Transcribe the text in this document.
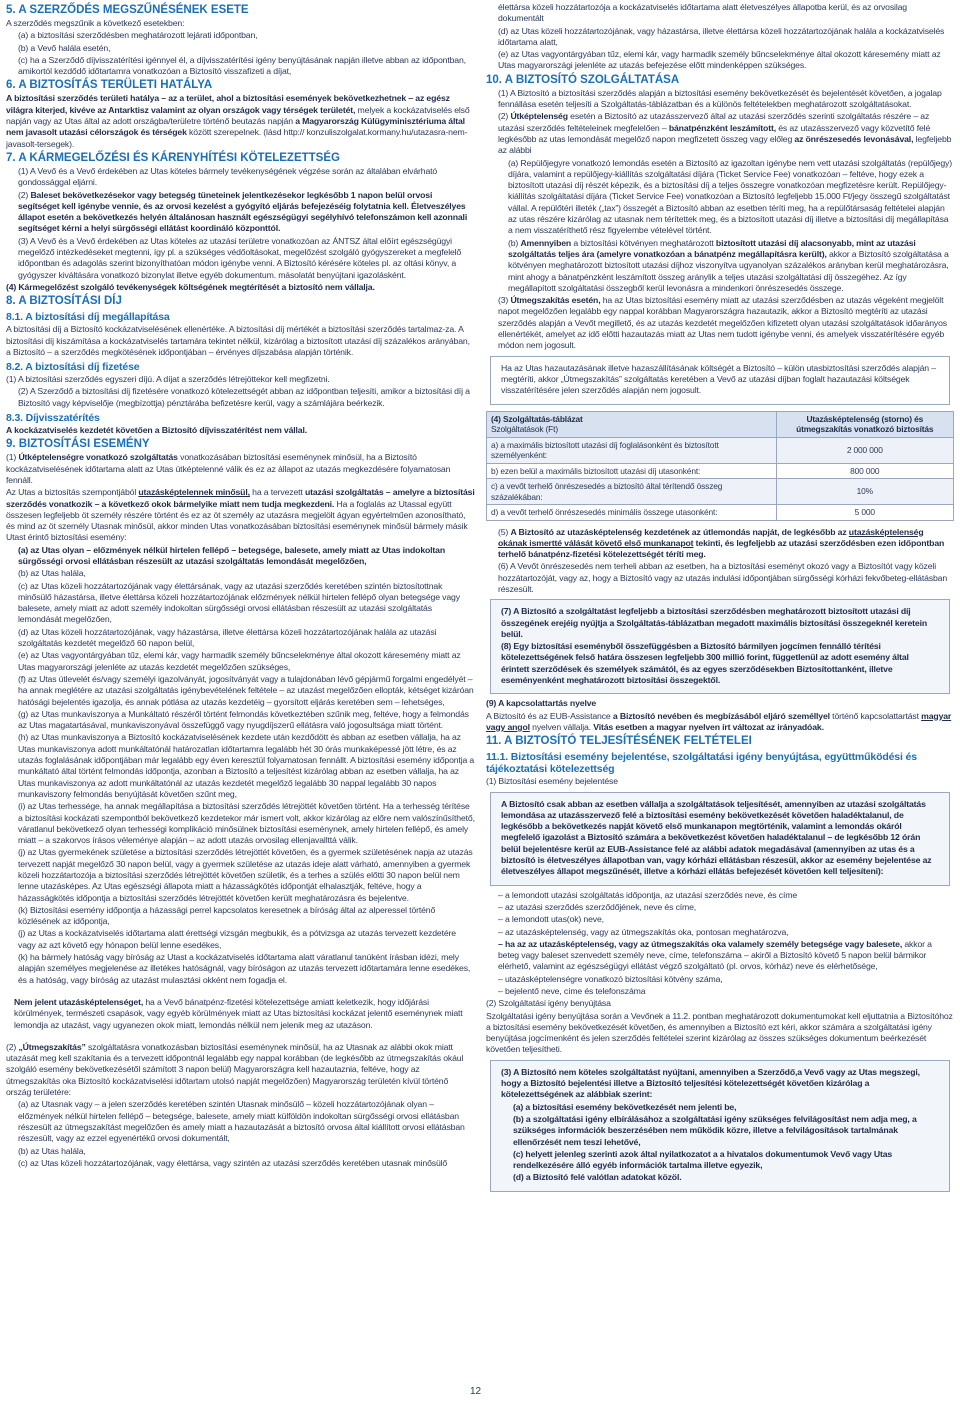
5. A SZERZŐDÉS MEGSZŰNÉSÉNEK ESETE

A szerződés megszűnik a következő esetekben:

(a) a biztosítási szerződésben meghatározott lejárati időpontban,

(b) a Vevő halála esetén,

(c) ha a Szerződő díjvisszatérítési igénnyel él, a díjvisszatérítési igény benyújtásának napján illetve abban az időpontban, amikortól kezdődő időtartamra vonatkozóan a Biztosító visszafizeti a díjat,

6. A BIZTOSÍTÁS TERÜLETI HATÁLYA

A biztosítási szerződés területi hatálya – az a terület, ahol a biztosítási események bekövetkezhetnek – az egész világra kiterjed, kivéve az Antarktisz valamint az olyan országok vagy térségek területét, melyek a kockázatviselés első napján vagy az Utas által az adott országba/területre történő beutazás napján a Magyarország Külügyminisztériuma által nem javasolt utazási célországok és térségek között szerepelnek. (lásd http:// konzuliszolgalat.kormany.hu/utazasra-nem-javasolt-tersegek).

7. A KÁRMEGELŐZÉSI ÉS KÁRENYHÍTÉSI KÖTELEZETTSÉG

(1) A Vevő és a Vevő érdekében az Utas köteles bármely tevékenységének végzése során az általában elvárható gondossággal eljárni.

(2) Baleset bekövetkezésekor vagy betegség tüneteinek jelentkezésekor legkésőbb 1 napon belül orvosi segítséget kell igénybe vennie, és az orvosi kezelést a gyógyító eljárás befejezéséig folytatnia kell. Életveszélyes állapot esetén a bekövetkezés helyén általánosan használt egészségügyi segélyhívó telefonszámon kell azonnali segítséget kérni a helyi sürgősségi ellátást koordináló központtól.

(3) A Vevő és a Vevő érdekében az Utas köteles az utazási területre vonatkozóan az ÁNTSZ által előírt egészségügyi megelőző intézkedéseket megtenni, így pl. a szükséges védőoltásokat, megelőzést szolgáló gyógyszereket a megfelelő időpontban és adagolás szerint bizonyíthatóan módon igénybe venni. A Biztosító kérésére köteles pl. az oltási könyv, a gyógyszer kiváltására vonatkozó bizonylat illetve egyéb dokumentum. másolatát benyújtani igazolásként.

(4) Kármegelőzést szolgáló tevékenységek költségének megtérítését a biztosító nem vállalja.

8. A BIZTOSÍTÁSI DÍJ
8.1. A biztosítási díj megállapítása

A biztosítási díj a Biztosító kockázatviselésének ellenértéke. A biztosítási díj mértékét a biztosítási szerződés tartalmaz-za. A biztosítási díj kiszámítása a kockázatviselés tartamára tekintet nélkül, kizárólag a biztosított utazási díj százalékos arányában, a Biztosító – a szerződés megkötésének időpontjában – érvényes díjszabása alapján történik.

8.2. A biztosítási díj fizetése

(1) A biztosítási szerződés egyszeri díjú. A díjat a szerződés létrejöttekor kell megfizetni.

(2) A Szerződő a biztosítási díj fizetésére vonatkozó kötelezettségét abban az időpontban teljesíti, amikor a biztosítási díj a Biztosító vagy képviselője (megbízottja) pénztárába befizetésre kerül, vagy a számlájára beérkezik.

8.3. Díjvisszatérítés

A kockázatviselés kezdetét követően a Biztosító díjvisszatérítést nem vállal.

9. BIZTOSÍTÁSI ESEMÉNY

(1) Útképtelenségre vonatkozó szolgáltatás vonatkozásában biztosítási eseménynek minősül, ha a Biztosító kockázatviselésének időtartama alatt az Utas útképtelenné válik és ez az állapot az utazás megkezdésére folyamatosan fennáll.

Az Utas a biztosítás szempontjából utazásképtelennek minősül, ha a tervezett utazási szolgáltatás – amelyre a biztosítási szerződés vonatkozik – a következő okok bármelyike miatt nem tudja megkezdeni. Ha a foglalás az Utassal együtt összesen legfeljebb öt személy részére történt és ez az öt személy az utazásra megjelölt ágyan egyértelműen azonosítható, és mind az öt személy Utasnak minősül, akkor minden Utas vonatkozásában biztosítási eseménynek minősül bármely másik Utast érintő biztosítási esemény:

(a) az Utas olyan – előzmények nélkül hirtelen fellépő – betegsége, balesete, amely miatt az Utas indokoltan sürgősségi orvosi ellátásban részesült az utazási szolgáltatás lemondását megelőzően,

(b) az Utas halála,

(c) az Utas közeli hozzátartozójának vagy élettársának, vagy az utazási szerződés keretében szintén biztosítottnak minősülő házastársa, illetve élettársa közeli hozzátartozójának előzmények nélkül hirtelen fellépő olyan betegsége vagy balesete, amely miatt az adott személy indokoltan sürgősségi orvosi ellátásban részesült az utazási szolgáltatás lemondását megelőzően,

(d) az Utas közeli hozzátartozójának, vagy házastársa, illetve élettársa közeli hozzátartozójának halála az utazási szolgáltatás kezdetét megelőző 60 napon belül,

(e) az Utas vagyontárgyában tűz, elemi kár, vagy harmadik személy bűncselekménye által okozott káresemény miatt az Utas magyarországi jelenléte az utazás kezdetét megelőzően szükséges,

(f) az Utas útlevelét és/vagy személyi igazolványát, jogosítványát vagy a tulajdonában lévő gépjármű forgalmi engedélyét – ha annak meglétére az utazási szolgáltatás igénybevételének feltétele – az utazást megelőzően ellopták, kétséget kizáróan hatósági bejelentés igazolja, és annak pótlása az utazás kezdetéig – gyorsított eljárás keretében sem – lehetséges,

(g) az Utas munkaviszonya a Munkáltató részéről történt felmondás következtében szűnik meg, feltéve, hogy a felmondás az Utas magatartásával, munkaviszonyával összefüggő vagy nyugdíjszerű ellátásra való jogosultsága miatt történt.

(h) az Utas munkaviszonya a Biztosító kockázatviselésének kezdete után kezdődött és abban az esetben vállalja, ha az Utas munkaviszonya adott munkáltatónál határozatlan időtartamra legalább hét 30 órás munkaképessé jött létre, és az utazás foglalásának időpontjában már legalább egy éven keresztül folyamatosan fennállt. A biztosítási esemény időpontja a munkáltató által történt felmondás időpontja, azonban a Biztosító a teljesítést kizárólag abban az esetben vállalja, ha az Utas munkaviszonya az adott munkáltatónál az utazás kezdetét megelőző legalább 30 nappal legalább 30 napos munkaviszony felmondás benyújtását követően szűnt meg,

(i) az Utas terhessége, ha annak megállapítása a biztosítási szerződés létrejöttét követően történt. Ha a terhesség térítése a biztosítási kockázati szempontból bekövetkező kezdetekor már ismert volt, akkor kizárólag az előre nem valószínűsíthető, váratlanul bekövetkező olyan terhességi komplikáció minősülnek biztosítási eseménynek, amely hirtelen fellépő, és amely miatt – a szakorvos írásos véleménye alapján – az adott utazás orvosilag ellenjavallttá válik.

(j) az Utas gyermekének születése a biztosítási szerződés létrejöttét követően, és a gyermek születésének napja az utazás tervezett napját megelőző 30 napon belül, vagy a gyermek születése az utazás ideje alatt várható, amennyiben a gyermek közeli hozzátartozója a biztosítási szerződés létrejöttét követően születik, és a terhes a szülés előtti 30 napon belül nem lenne utazásképes. Az Utas egészségi állapota miatt a házasságkötés időpontját elhalasztják, feltéve, hogy a házasságkötés időpontja a biztosítási szerződés létrejöttét követően került meghatározásra és bejelentve.

(k) Biztosítási esemény időpontja a házassági perrel kapcsolatos keresetnek a bíróság által az alperessel történő közlésének az időpontja,

(j) az Utas a kockázatviselés időtartama alatt érettségi vizsgán megbukik, és a pótvizsga az utazás tervezett kezdetére vagy az azt követő egy hónapon belül lenne esedékes,

(k) ha bármely hatóság vagy bíróság az Utast a kockázatviselés időtartama alatt váratlanul tanúként írásban idézi, mely alapján személyes megjelenése az illetékes hatóságnál, vagy bíróságon az utazás tervezett időtartamára lenne esedékes, és a hatóság, vagy bíróság az utazást mulasztási okként nem fogadja el.

Nem jelent utazásképtelenséget, ha a Vevő bánatpénz-fizetési kötelezettsége amiatt keletkezik, hogy időjárási körülmények, természeti csapások, vagy egyéb körülmények miatt az Utas biztosítási kockázat jelentő eseménynek miatt lemondja az utazást, vagy ugyanezen okok miatt, lemondás nélkül nem jelenik meg az utazáson.

(2) „Útmegszakítás” szolgáltatásra vonatkozásban biztosítási eseménynek minősül, ha az Utasnak az alábbi okok miatt utazását meg kell szakítania és a tervezett időpontnál legalább egy nappal korábban (de legkésőbb az útmegszakítás okául szolgáló esemény bekövetkezésétől számított 3 napon belül) Magyarországra kell hazautaznia, feltéve, hogy az útmegszakítás oka Biztosító kockázatviselési időtartam utolsó napját megelőzően) Magyarország területén kívül történő ország területére:

(a) az Utasnak vagy – a jelen szerződés keretében szintén Utasnak minősülő – közeli hozzátartozójának olyan – előzmények nélkül hirtelen fellépő – betegsége, balesete, amely miatt külföldön indokoltan sürgősségi orvosi ellátásban részesült az útmegszakítást megelőzően és amely miatt a hazautazását a biztosító orvosa által kiállított orvosi ellátásban részesült, vagy az ezzel egyenértékű orvosi dokumentált,

(b) az Utas halála,

(c) az Utas közeli hozzátartozójának, vagy élettársa, vagy szintén az utazási szerződés keretében utasnak minősülő

élettársa közeli hozzátartozója a kockázatviselés időtartama alatt életveszélyes állapotba kerül, és az orvosilag dokumentált

(d) az Utas közeli hozzátartozójának, vagy házastársa, illetve élettársa közeli hozzátartozójának halála a kockázatviselés időtartama alatt,

(e) az Utas vagyontárgyában tűz, elemi kár, vagy harmadik személy bűncselekménye által okozott káresemény miatt az Utas magyarországi jelenléte az utazás befejezése előtt mindenképpen szükséges.

10. A BIZTOSÍTÓ SZOLGÁLTATÁSA

(1) A Biztosító a biztosítási szerződés alapján a biztosítási esemény bekövetkezését és bejelentését követően, a jogalap fennállása esetén teljesíti a Szolgáltatás-táblázatban és a különös feltételekben meghatározott szolgáltatásokat.

(2) Útképtelenség esetén a Biztosító az utazásszervező által az utazási szerződés szerinti szolgáltatás részére – az utazási szerződés feltételeinek megfelelően – bánatpénzként leszámított, és az utazásszervező vagy közvetítő felé legkésőbb az utas lemondását megelőző napon megfizetett összeg vagy előleg az önrészesedés levonásával, legfeljebb az alábbi

(a) Repülőjegyre vonatkozó lemondás esetén a Biztosító az igazoltan igénybe nem vett utazási szolgáltatás (repülőjegy) díjára, valamint a repülőjegy-kiállítás szolgáltatási díjára (Ticket Service Fee) vonatkozóan – feltéve, hogy ezek a biztosított utazási díj részét képezik, és a biztosítási díj a teljes összegre vonatkozóan megfizetésre került. Repülőjegy-kiállítás szolgáltatási díjára (Ticket Service Fee) vonatkozóan a Biztosító legfeljebb 15.000 Ft/jegy összegű szolgáltatást vállal. A repülőtéri illeték („tax”) összegét a Biztosító abban az esetben téríti meg, ha a repülőtársaság feltételei alapján az utas részére kizárólag az utasnak nem térítettek meg, és a biztosított utazási díj illetve a biztosítási díj megállapítása a nem visszatéríthető rész figyelembe vételével történt.

(b) Amennyiben a biztosítási kötvényen meghatározott biztosított utazási díj alacsonyabb, mint az utazási szolgáltatás teljes ára (amelyre vonatkozóan a bánatpénz megállapításra került), akkor a Biztosító szolgáltatása a kötvényen meghatározott biztosított utazási díjhoz viszonyítva ugyanolyan százalékos arányban kerül meghatározásra, mint ahogy a bánatpénzként leszámított összeg aránylik a teljes utazási szolgáltatási díj összegéhez. Az így megállapított szolgáltatási összegből kerül levonásra a mindenkori önrészesedés összege.

(3) Útmegszakítás esetén, ha az Utas biztosítási esemény miatt az utazási szerződésben az utazás végeként megjelölt napot megelőzően legalább egy nappal korábban Magyarországra hazautazik, akkor a Biztosító megtéríti az utazási szerződés alapján a Vevőt megillető, és az utazás kezdetét megelőzően kifizetett olyan utazási szolgáltatások időarányos ellenértékét, amelyet az idő előtti hazautazás miatt az Utas nem tudott igénybe venni, és amelyek visszatérítésére egyéb módon nem jogosult.

Ha az Utas hazautazásának illetve hazaszállításának költségét a Biztosító – külön utasbiztosítási szerződés alapján – megtéríti, akkor „Útmegszakítás” szolgáltatás keretében a Vevő az utazási díjban foglalt hazautazási költségek visszatérítésére jelen szerződés alapján nem jogosult.

(4) Szolgáltatás-táblázat
Szolgáltatások (Ft)	Utazásképtelenség (storno) és útmegszakítás vonatkozó biztosítás
a) a maximális biztosított utazási díj foglalásonként és biztosított személyenként:	2 000 000
b) ezen belül a maximális biztosított utazási díj utasonként:	800 000
c) a vevőt terhelő önrészesedés a biztosító által térítendő összeg százalékában:	10%
d) a vevőt terhelő önrészesedés minimális összege utasonként:	5 000

(5) A Biztosító az utazásképtelenség kezdetének az útlemondás napját, de legkésőbb az utazásképtelenség okának ismertté válását követő első munkanapot tekinti, és legfeljebb az utazási szerződésben ezen időpontban terhelő bánatpénz-fizetési kötelezettségét téríti meg.

(6) A Vevőt önrészesedés nem terheli abban az esetben, ha a biztosítási eseményt okozó vagy a Biztosítót vagy közeli hozzátartozóját, vagy az, hogy a Biztosító vagy az utazás indulási időpontjában sürgősségi kórházi fekvőbeteg-ellátásban részesült.

(7) A Biztosító a szolgáltatást legfeljebb a biztosítási szerződésben meghatározott biztosított utazási díj összegének erejéig nyújtja a Szolgáltatás-táblázatban megadott maximális biztosítási összegeknél keretein belül.

(8) Egy biztosítási eseményből összefüggésben a Biztosító bármilyen jogcímen fennálló térítési kötelezettségének felső határa összesen legfeljebb 300 millió forint, függetlenül az adott esemény által érintett szerződések és személyek számától, és az egyes szerződésekben Biztosítottanként, illetve eseményenként meghatározott biztosítási összegektől.

(9) A kapcsolattartás nyelve

A Biztosító és az EUB-Assistance a Biztosító nevében és megbízásából eljáró személlyel történő kapcsolattartást magyar vagy angol nyelven vállalja. Vitás esetben a magyar nyelven írt változat az irányadóak.

11. A BIZTOSÍTÓ TELJESÍTÉSÉNEK FELTÉTELEI
11.1. Biztosítási esemény bejelentése, szolgáltatási igény benyújtása, együttműködési és tájékoztatási kötelezettség

(1) Biztosítási esemény bejelentése

A Biztosító csak abban az esetben vállalja a szolgáltatások teljesítését, amennyiben az utazási szolgáltatás lemondása az utazásszervező felé a biztosítási esemény bekövetkezését követően haladéktalanul, de legkésőbb a bekövetkezés napját követő első munkanapon megtörténik, valamint a lemondás okáról megfelelő igazolást a Biztosító számára a bekövetkezést követően haladéktalanul – de legkésőbb 12 órán belül bejelentésre kerül az EUB-Assistance felé az alábbi adatok megadásával (amennyiben az utas és a biztosító is életveszélyes állapotban van, vagy kórházi ellátásban részesül, akkor az esemény bejelentése az életveszélyes állapot megszűnését, illetve a kórházi ellátás befejezését követően kell teljesíteni):

– a lemondott utazási szolgáltatás időpontja, az utazási szerződés neve, és címe

– az utazási szerződés szerződőjének, neve és címe,

– a lemondott utas(ok) neve,

– az utazásképtelenség, vagy az útmegszakítás oka, pontosan meghatározva,

– ha az az utazásképtelenség, vagy az útmegszakítás oka valamely személy betegsége vagy balesete, akkor a beteg vagy baleset szenvedett személy neve, címe, telefonszáma – akiről a Biztosító követő 5 napon belül bármikor elérhető, valamint az egészségügyi ellátást végző szolgáltató (pl. orvos, kórház) neve és elérhetősége,

– utazásképtelenségre vonatkozó biztosítási kötvény száma,

– bejelentő neve, címe és telefonszáma

(2) Szolgáltatási igény benyújtása

Szolgáltatási igény benyújtása során a Vevőnek a 11.2. pontban meghatározott dokumentumokat kell eljuttatnia a Biztosítóhoz a biztosítási esemény bekövetkezését követően, és amennyiben a Biztosító ezt kéri, akkor számára a szolgáltatási igény benyújtása jogcímenként és jelen szerződés feltételei szerint kizárólag az összes szükséges dokumentum beérkezését követően teljesítheti.

(3) A Biztosító nem köteles szolgáltatást nyújtani, amennyiben a Szerződő,a Vevő vagy az Utas megszegi, hogy a Biztosító bejelentési illetve a Biztosító teljesítési kötelezettségét követően kizárólag a kötelezettségének az alábbiak szerint:

(a) a biztosítási esemény bekövetkezését nem jelenti be,

(b) a szolgáltatási igény elbírálásához a szolgáltatási igény szükséges felvilágosítást nem adja meg, a szükséges információk beszerzésében nem működik közre, illetve a felvilágosítások tartalmának ellenőrzését nem teszi lehetővé,

(c) helyett jelenleg szerinti azok által nyilatkozatot a a hivatalos dokumentumok Vevő vagy Utas rendelkezésére álló egyéb információk tartalma illetve egyezik,

(d) a Biztosító felé valótlan adatokat közöl.

12
